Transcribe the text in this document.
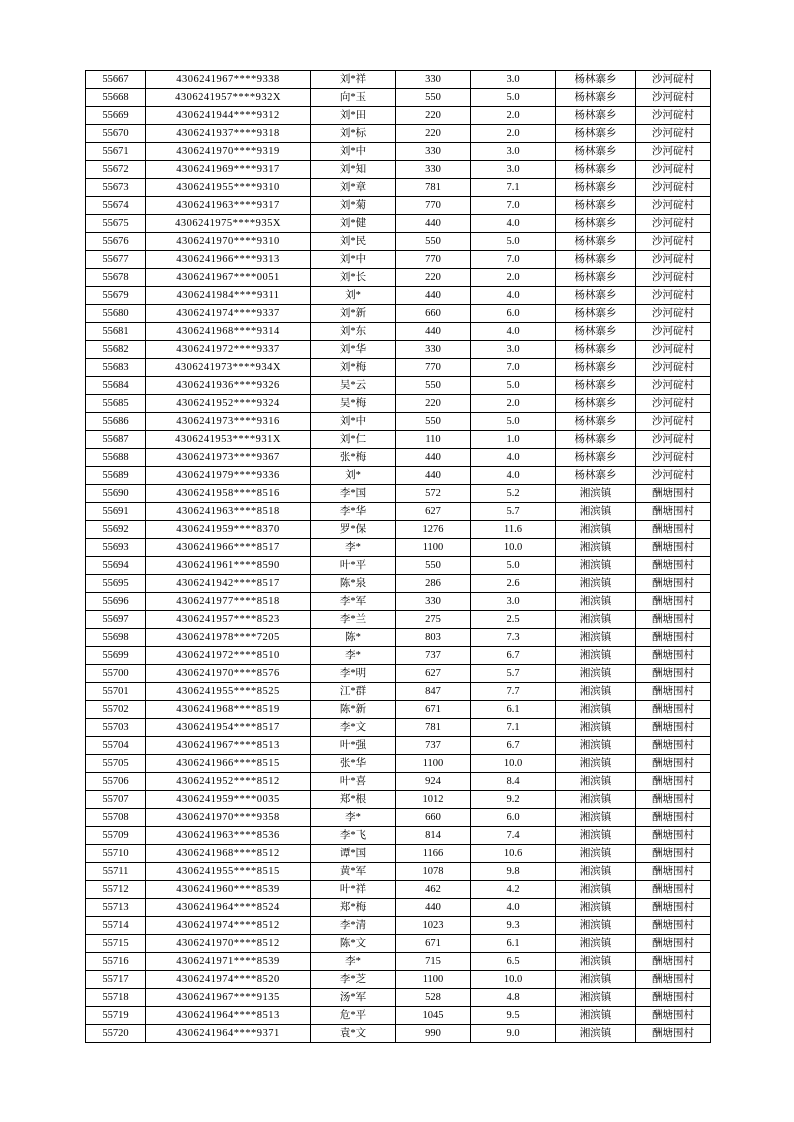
55667	4306241967****9338	刘*祥	330	3.0	杨林寨乡	沙河碇村
55668	4306241957****932X	向*玉	550	5.0	杨林寨乡	沙河碇村
55669	4306241944****9312	刘*田	220	2.0	杨林寨乡	沙河碇村
55670	4306241937****9318	刘*标	220	2.0	杨林寨乡	沙河碇村
55671	4306241970****9319	刘*中	330	3.0	杨林寨乡	沙河碇村
55672	4306241969****9317	刘*知	330	3.0	杨林寨乡	沙河碇村
55673	4306241955****9310	刘*章	781	7.1	杨林寨乡	沙河碇村
55674	4306241963****9317	刘*菊	770	7.0	杨林寨乡	沙河碇村
55675	4306241975****935X	刘*健	440	4.0	杨林寨乡	沙河碇村
55676	4306241970****9310	刘*民	550	5.0	杨林寨乡	沙河碇村
55677	4306241966****9313	刘*中	770	7.0	杨林寨乡	沙河碇村
55678	4306241967****0051	刘*长	220	2.0	杨林寨乡	沙河碇村
55679	4306241984****9311	刘*	440	4.0	杨林寨乡	沙河碇村
55680	4306241974****9337	刘*新	660	6.0	杨林寨乡	沙河碇村
55681	4306241968****9314	刘*东	440	4.0	杨林寨乡	沙河碇村
55682	4306241972****9337	刘*华	330	3.0	杨林寨乡	沙河碇村
55683	4306241973****934X	刘*梅	770	7.0	杨林寨乡	沙河碇村
55684	4306241936****9326	吴*云	550	5.0	杨林寨乡	沙河碇村
55685	4306241952****9324	吴*梅	220	2.0	杨林寨乡	沙河碇村
55686	4306241973****9316	刘*中	550	5.0	杨林寨乡	沙河碇村
55687	4306241953****931X	刘*仁	110	1.0	杨林寨乡	沙河碇村
55688	4306241973****9367	张*梅	440	4.0	杨林寨乡	沙河碇村
55689	4306241979****9336	刘*	440	4.0	杨林寨乡	沙河碇村
55690	4306241958****8516	李*国	572	5.2	湘滨镇	酬塘围村
55691	4306241963****8518	李*华	627	5.7	湘滨镇	酬塘围村
55692	4306241959****8370	罗*保	1276	11.6	湘滨镇	酬塘围村
55693	4306241966****8517	李*	1100	10.0	湘滨镇	酬塘围村
55694	4306241961****8590	叶*平	550	5.0	湘滨镇	酬塘围村
55695	4306241942****8517	陈*泉	286	2.6	湘滨镇	酬塘围村
55696	4306241977****8518	李*军	330	3.0	湘滨镇	酬塘围村
55697	4306241957****8523	李*兰	275	2.5	湘滨镇	酬塘围村
55698	4306241978****7205	陈*	803	7.3	湘滨镇	酬塘围村
55699	4306241972****8510	李*	737	6.7	湘滨镇	酬塘围村
55700	4306241970****8576	李*明	627	5.7	湘滨镇	酬塘围村
55701	4306241955****8525	江*群	847	7.7	湘滨镇	酬塘围村
55702	4306241968****8519	陈*新	671	6.1	湘滨镇	酬塘围村
55703	4306241954****8517	李*文	781	7.1	湘滨镇	酬塘围村
55704	4306241967****8513	叶*强	737	6.7	湘滨镇	酬塘围村
55705	4306241966****8515	张*华	1100	10.0	湘滨镇	酬塘围村
55706	4306241952****8512	叶*喜	924	8.4	湘滨镇	酬塘围村
55707	4306241959****0035	郑*根	1012	9.2	湘滨镇	酬塘围村
55708	4306241970****9358	李*	660	6.0	湘滨镇	酬塘围村
55709	4306241963****8536	李*飞	814	7.4	湘滨镇	酬塘围村
55710	4306241968****8512	谭*国	1166	10.6	湘滨镇	酬塘围村
55711	4306241955****8515	黄*军	1078	9.8	湘滨镇	酬塘围村
55712	4306241960****8539	叶*祥	462	4.2	湘滨镇	酬塘围村
55713	4306241964****8524	郑*梅	440	4.0	湘滨镇	酬塘围村
55714	4306241974****8512	李*清	1023	9.3	湘滨镇	酬塘围村
55715	4306241970****8512	陈*文	671	6.1	湘滨镇	酬塘围村
55716	4306241971****8539	李*	715	6.5	湘滨镇	酬塘围村
55717	4306241974****8520	李*芝	1100	10.0	湘滨镇	酬塘围村
55718	4306241967****9135	汤*军	528	4.8	湘滨镇	酬塘围村
55719	4306241964****8513	危*平	1045	9.5	湘滨镇	酬塘围村
55720	4306241964****9371	袁*文	990	9.0	湘滨镇	酬塘围村
